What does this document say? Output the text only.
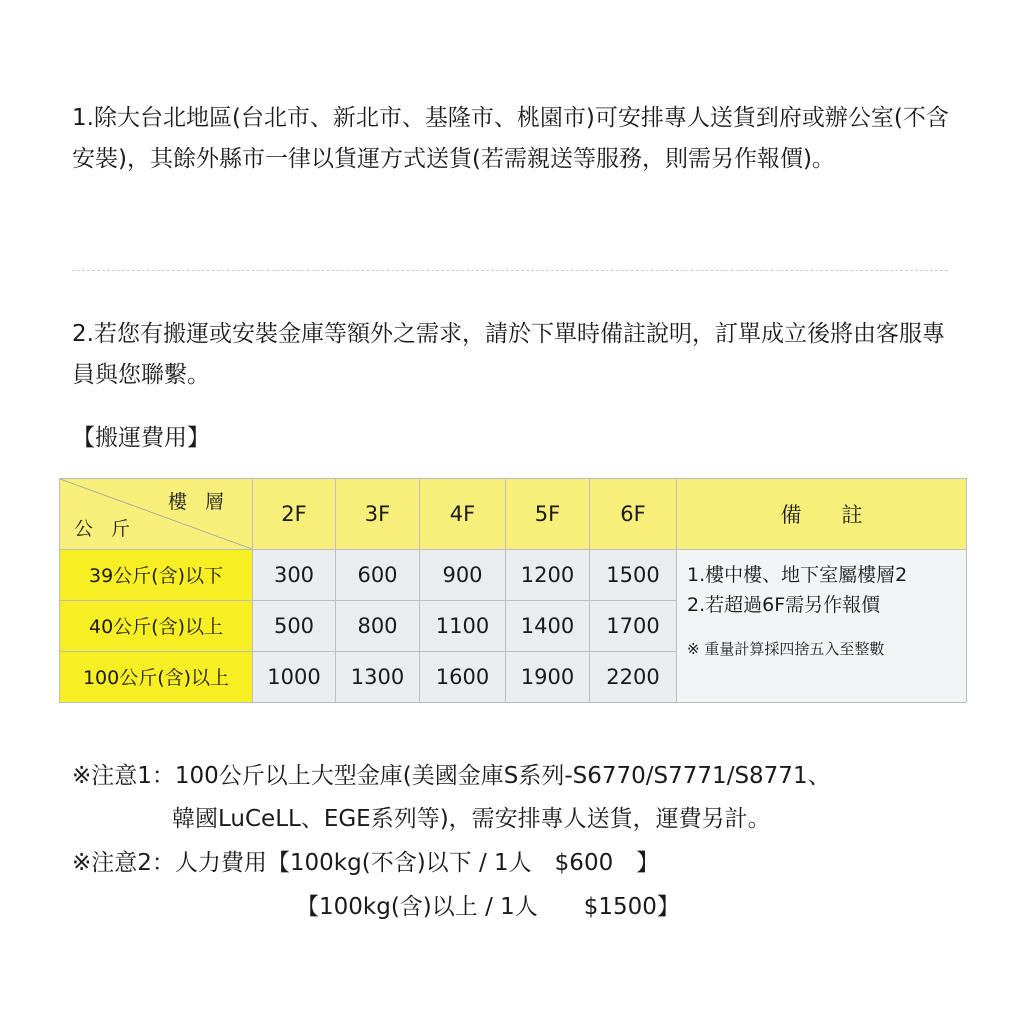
1.除大台北地區(台北市、新北市、基隆市、桃園市)可安排專人送貨到府或辦公室(不含安裝)，其餘外縣市一律以貨運方式送貨(若需親送等服務，則需另作報價)。
2.若您有搬運或安裝金庫等額外之需求，請於下單時備註說明，訂單成立後將由客服專員與您聯繫。
【搬運費用】
樓 層
公 斤	2F	3F	4F	5F	6F	備註
39公斤(含)以下	300	600	900	1200	1500	1.樓中樓、地下室屬樓層2
2.若超過6F需另作報價
※ 重量計算採四捨五入至整數

40公斤(含)以上	500	800	1100	1400	1700	
100公斤(含)以上	1000	1300	1600	1900	2200	
※注意1：100公斤以上大型金庫(美國金庫S系列-S6770/S7771/S8771、
韓國LuCeLL、EGE系列等)，需安排專人送貨，運費另計。
※注意2：人力費用【100kg(不含)以下 / 1人　$600　】
【100kg(含)以上 / 1人　　$1500】
